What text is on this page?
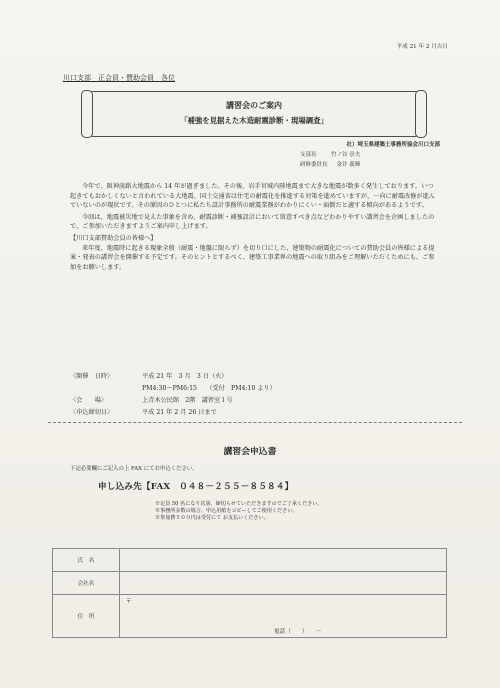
平成 21 年 2 月吉日
川口支部　正会員・賛助会員　各位
講習会のご案内
「補強を見据えた木造耐震診断・現場調査」
社）埼玉県建築士事務所協会川口支部
支部長 　　	竹ノ谷 崇夫
研修委員長 　 金井 義輝

今年で、阪神淡路大地震から 14 年が過ぎました。その後、岩手宮城内陸地震まで大きな地震が数多く発生しております。いつ起きてもおかしくないと言われている大地震、国土交通省は住宅の耐震化を推進する対策を進めていますが、一向に耐震改修が進んでいないのが現状です。その原因のひとつに私たち設計事務所の耐震業務がわかりにくい・面倒だと適する傾向があるようです。

今回は、地震被災地で見えた事象を含め、耐震診断・補強設計において留意すべき点などわかりやすい講習会を企画しましたので、ご参加いただきますようご案内申し上げます。

【川口支部賛助会員の皆様へ】

来年度、地震時に起きる現象全般（耐震・地盤に限らず）を切り口にした、建築物の耐震化についての賛助会員の皆様による提案・発表の講習会を開催する予定です。そのヒントとするべく、建築工事業界の地震への取り組みをご理解いただくためにも、ご参加をお願いします。

〈開催　日時〉	平成 21 年　3 月　3 日（火）
PM4:30〜PM6:15　　（受付　PM4:10 より）
〈会　　場〉	上青木公民館　2階　講習室１号
〈申込締切日〉	平成 21 年 2 月 26 日まで
講習会申込書
下記必要欄にご記入の上 FAX にてお申込ください。
申し込み先【FAX　０４８－２５５－８５８４】
※定員 50 名になり次第、締切らせていただきますのでご了承ください。
※事務所多数の場合、申込用紙をコピーしてご使用ください。
※参加費５００円は受付にて お支払いください。
氏　名	
会社名	
住　所	〒
電話（　　）　　－
